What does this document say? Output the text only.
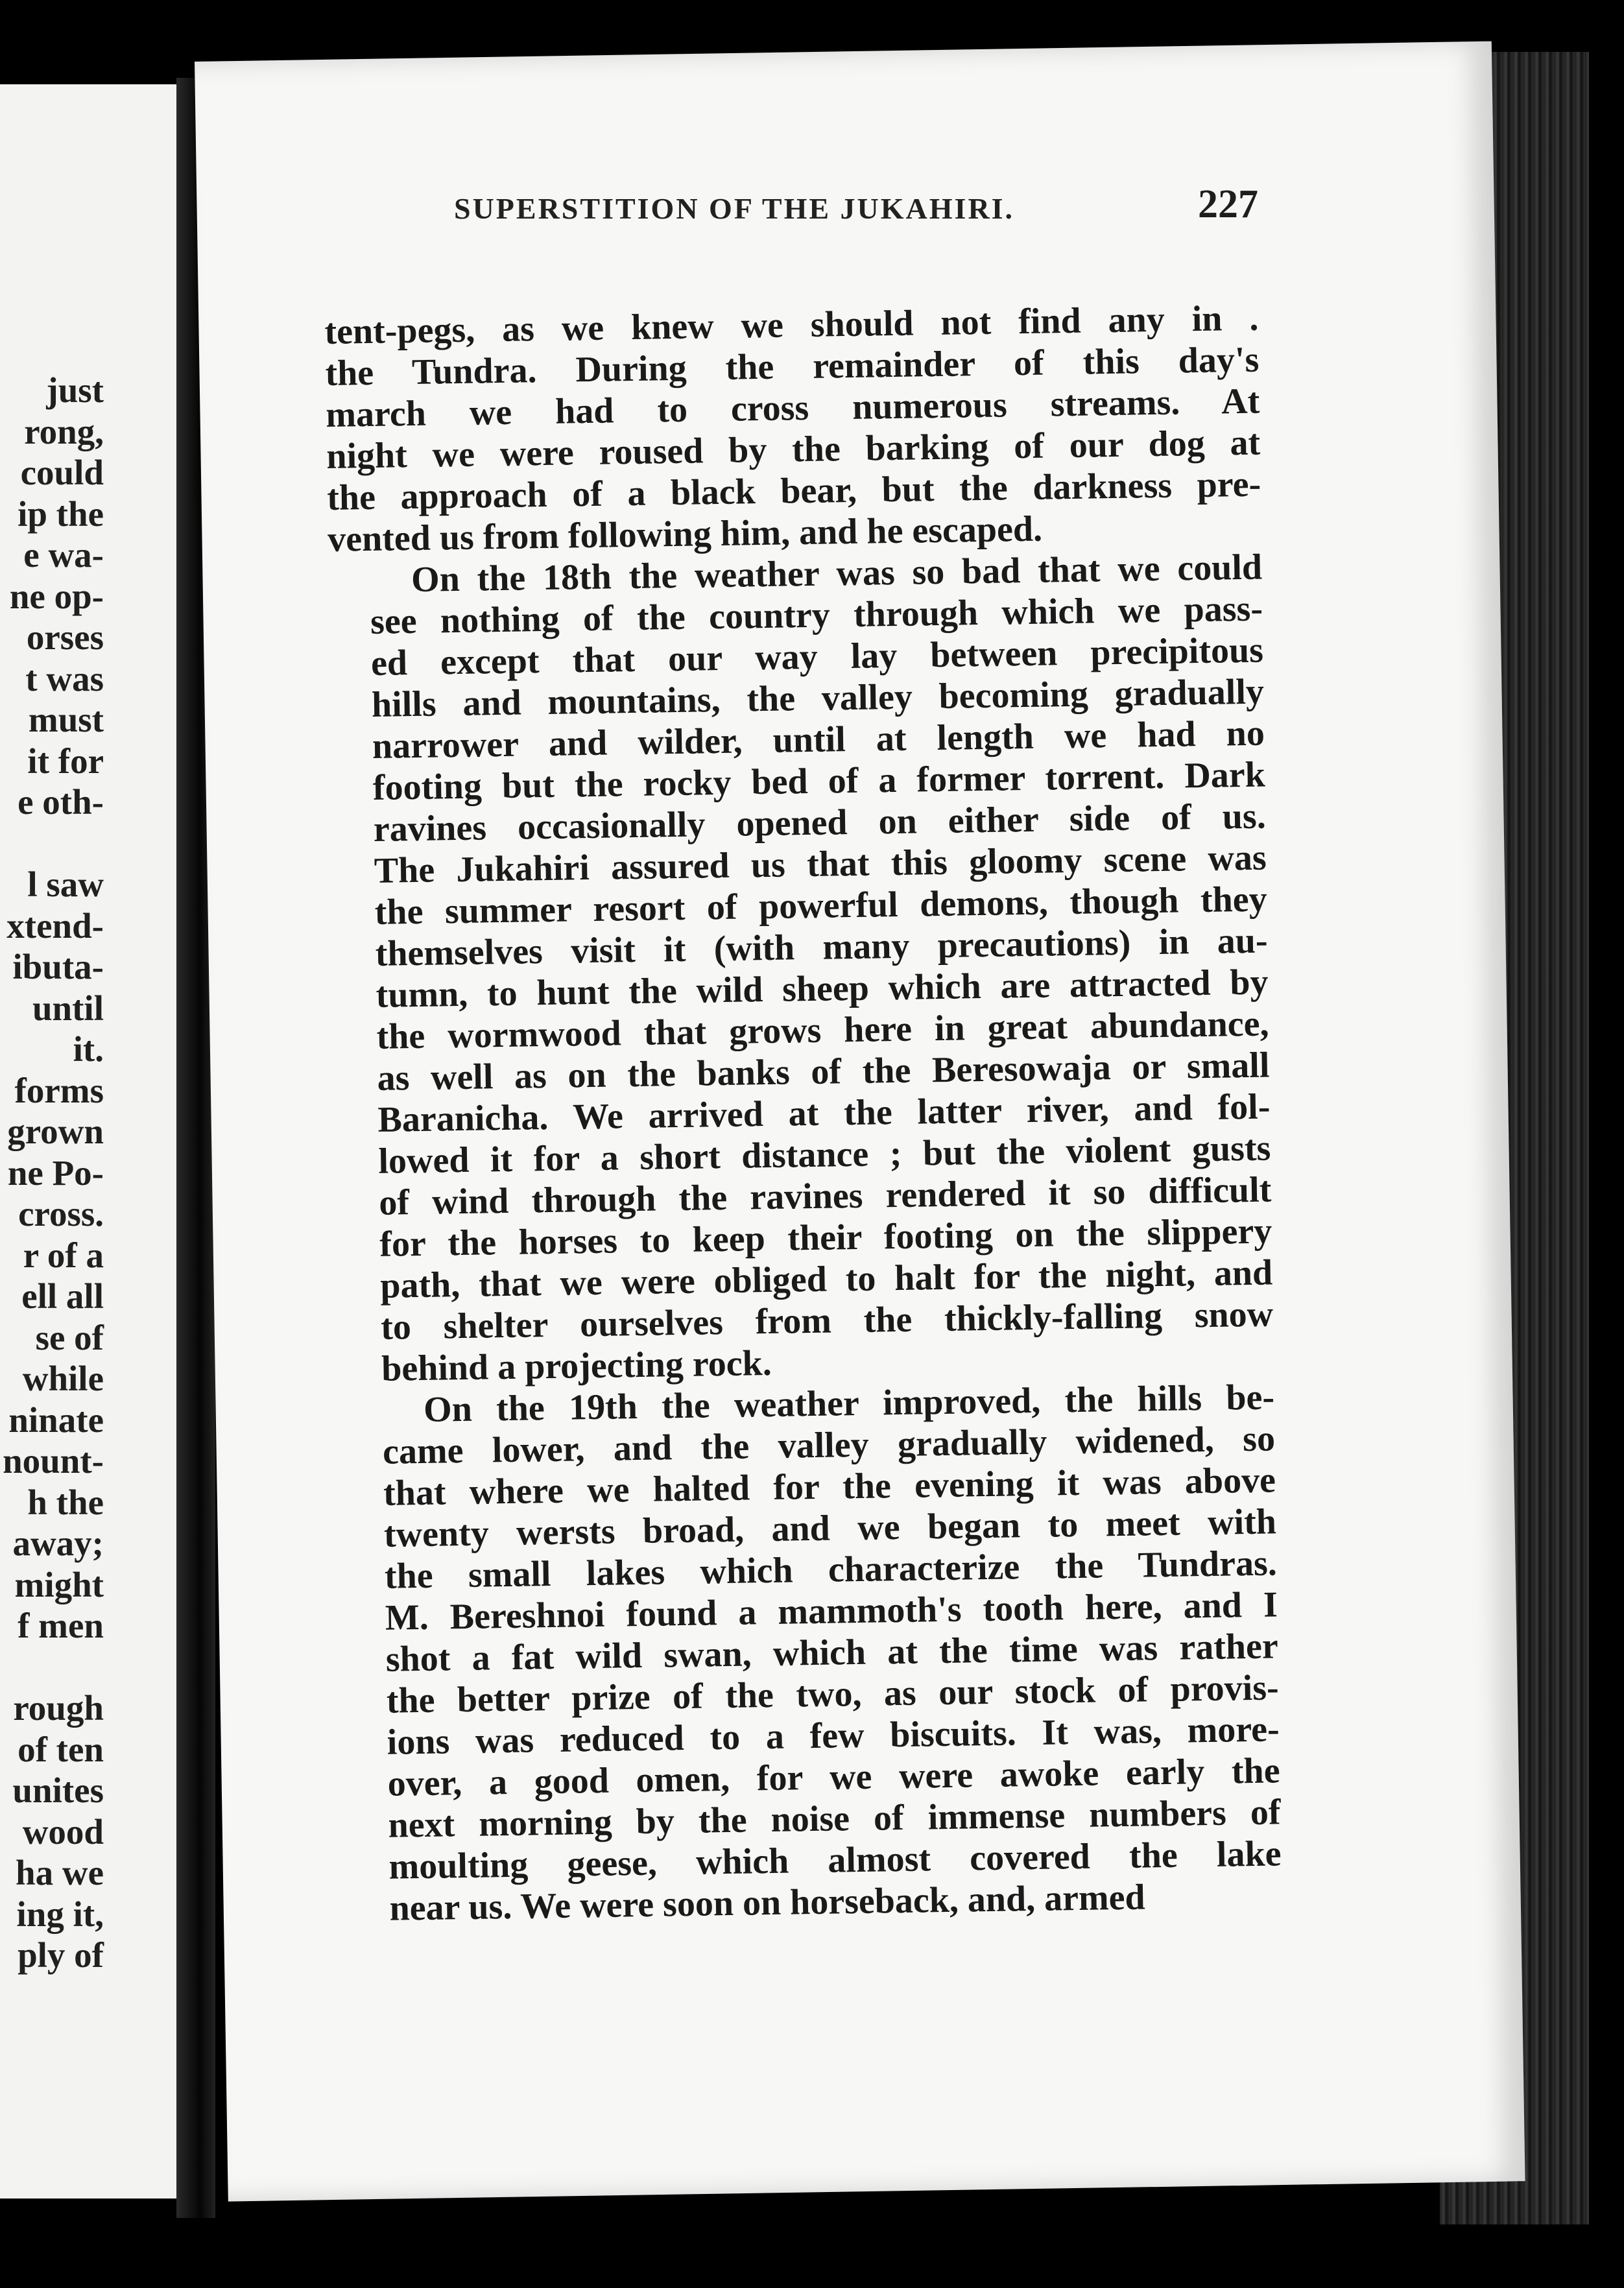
just
rong,
could
ip the
e wa-
ne op-
orses
t was
must
it for
e oth-
l saw
xtend-
ibuta-
until
it.
forms
grown
ne Po-
cross.
r of a
ell all
se of
while
ninate
nount-
h the
away;
might
f men
rough
of ten
unites
wood
ha we
ing it,
ply of
SUPERSTITION OF THE JUKAHIRI.	227

tent-pegs, as we knew we should not find any in .
the Tundra. During the remainder of this day's
march we had to cross numerous streams. At
night we were roused by the barking of our dog at
the approach of a black bear, but the darkness pre-
vented us from following him, and he escaped.

On the 18th the weather was so bad that we could
see nothing of the country through which we pass-
ed except that our way lay between precipitous
hills and mountains, the valley becoming gradually
narrower and wilder, until at length we had no
footing but the rocky bed of a former torrent. Dark
ravines occasionally opened on either side of us.
The Jukahiri assured us that this gloomy scene was
the summer resort of powerful demons, though they
themselves visit it (with many precautions) in au-
tumn, to hunt the wild sheep which are attracted by
the wormwood that grows here in great abundance,
as well as on the banks of the Beresowaja or small
Baranicha. We arrived at the latter river, and fol-
lowed it for a short distance ; but the violent gusts
of wind through the ravines rendered it so difficult
for the horses to keep their footing on the slippery
path, that we were obliged to halt for the night, and
to shelter ourselves from the thickly-falling snow
behind a projecting rock.

On the 19th the weather improved, the hills be-
came lower, and the valley gradually widened, so
that where we halted for the evening it was above
twenty wersts broad, and we began to meet with
the small lakes which characterize the Tundras.
M. Bereshnoi found a mammoth's tooth here, and I
shot a fat wild swan, which at the time was rather
the better prize of the two, as our stock of provis-
ions was reduced to a few biscuits. It was, more-
over, a good omen, for we were awoke early the
next morning by the noise of immense numbers of
moulting geese, which almost covered the lake
near us. We were soon on horseback, and, armed
